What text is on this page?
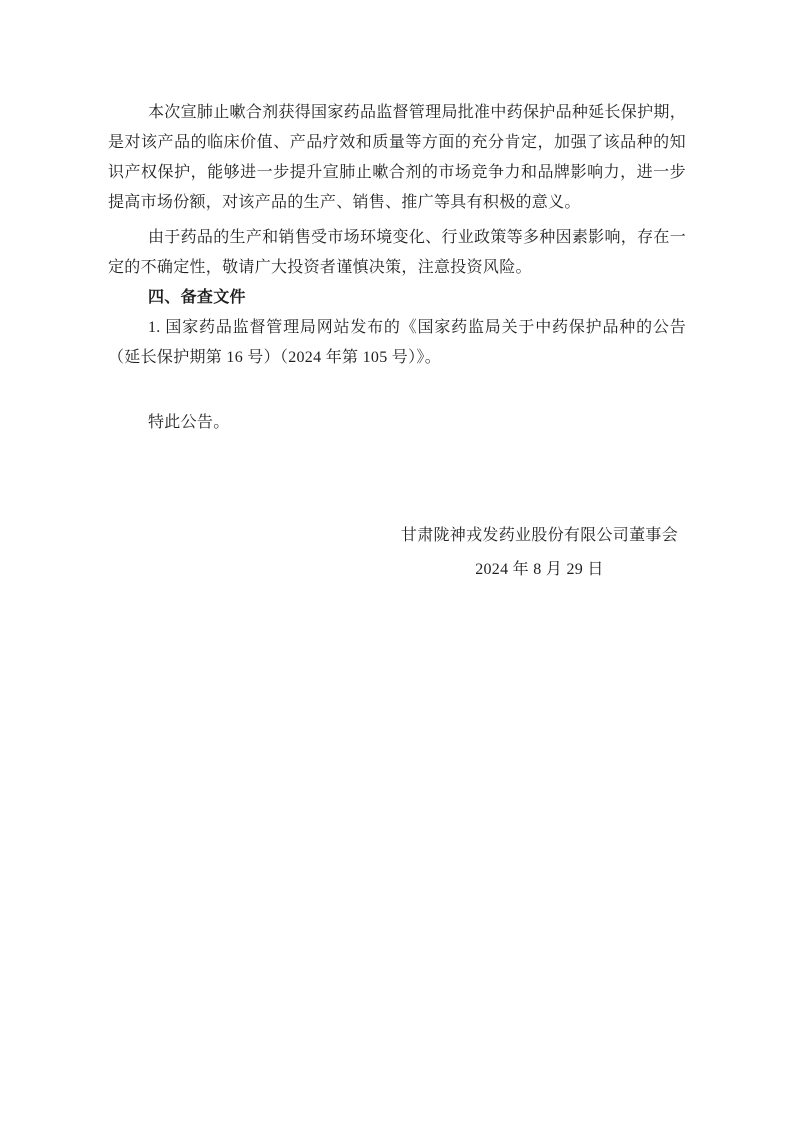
本次宣肺止嗽合剂获得国家药品监督管理局批准中药保护品种延长保护期，是对该产品的临床价值、产品疗效和质量等方面的充分肯定，加强了该品种的知识产权保护，能够进一步提升宣肺止嗽合剂的市场竞争力和品牌影响力，进一步提高市场份额，对该产品的生产、销售、推广等具有积极的意义。

由于药品的生产和销售受市场环境变化、行业政策等多种因素影响，存在一定的不确定性，敬请广大投资者谨慎决策，注意投资风险。

四、备查文件

1. 国家药品监督管理局网站发布的《国家药监局关于中药保护品种的公告（延长保护期第 16 号）（2024 年第 105 号）》。

特此公告。

甘肃陇神戎发药业股份有限公司董事会
2024 年 8 月 29 日
